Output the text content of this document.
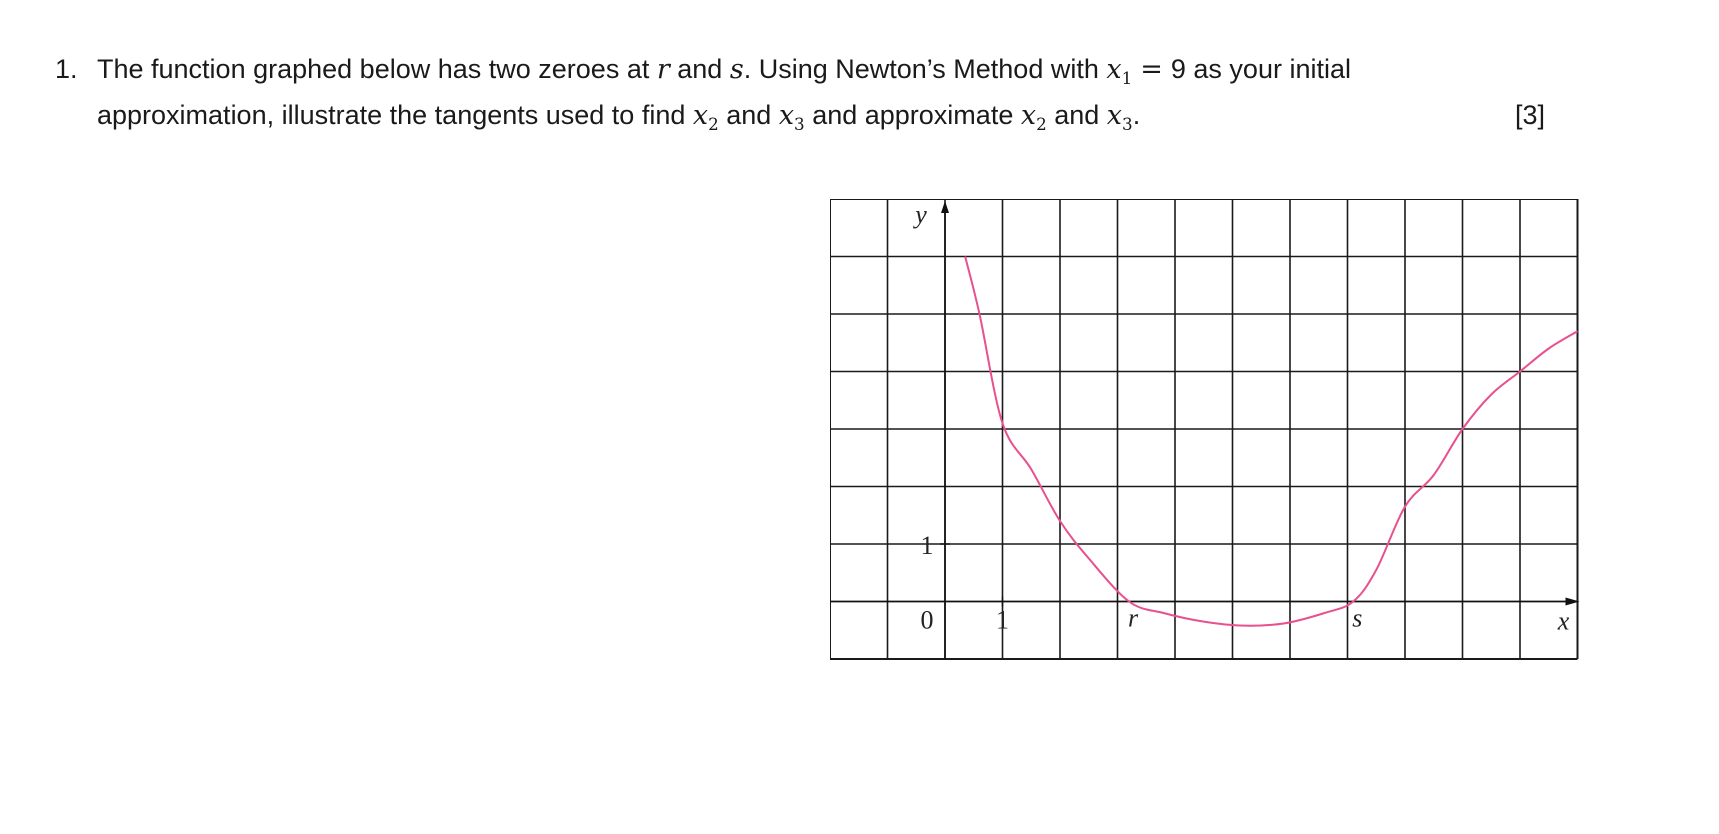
1. The function graphed below has two zeroes at r and s. Using Newton’s Method with $x_1 = 9$ as your initial
approximation, illustrate the tangents used to find $x_2$ and $x_3$ and approximate $x_2$ and $x_3$.	[3]
0 1
1
r	s
y
x
